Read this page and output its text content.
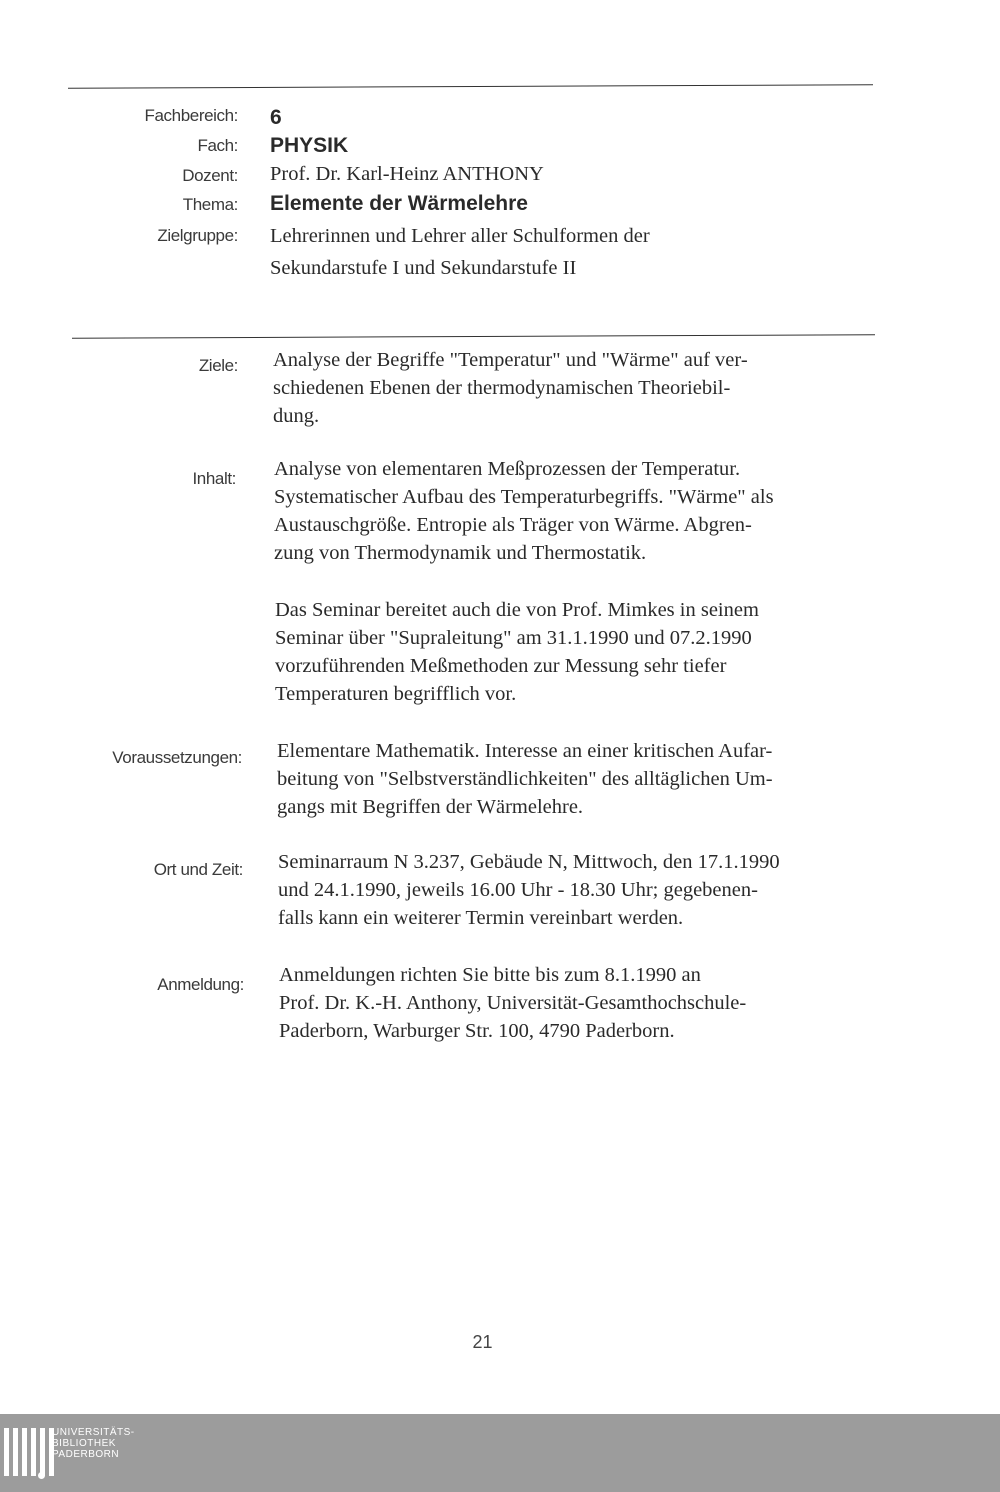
Fachbereich: 6
Fach: PHYSIK
Dozent: Prof. Dr. Karl-Heinz ANTHONY
Thema: Elemente der Wärmelehre
Zielgruppe: Lehrerinnen und Lehrer aller Schulformen der
Sekundarstufe I und Sekundarstufe II
Ziele: Analyse der Begriffe "Temperatur" und "Wärme" auf ver-
schiedenen Ebenen der thermodynamischen Theoriebil-
dung.

Inhalt: Analyse von elementaren Meßprozessen der Temperatur.
Systematischer Aufbau des Temperaturbegriffs. "Wärme" als
Austauschgröße. Entropie als Träger von Wärme. Abgren-
zung von Thermodynamik und Thermostatik.

Das Seminar bereitet auch die von Prof. Mimkes in seinem
Seminar über "Supraleitung" am 31.1.1990 und 07.2.1990
vorzuführenden Meßmethoden zur Messung sehr tiefer
Temperaturen begrifflich vor.

Voraussetzungen: Elementare Mathematik. Interesse an einer kritischen Aufar-
beitung von "Selbstverständlichkeiten" des alltäglichen Um-
gangs mit Begriffen der Wärmelehre.

Ort und Zeit: Seminarraum N 3.237, Gebäude N, Mittwoch, den 17.1.1990
und 24.1.1990, jeweils 16.00 Uhr - 18.30 Uhr; gegebenen-
falls kann ein weiterer Termin vereinbart werden.

Anmeldung: Anmeldungen richten Sie bitte bis zum 8.1.1990 an
Prof. Dr. K.-H. Anthony, Universität-Gesamthochschule-
Paderborn, Warburger Str. 100, 4790 Paderborn.

21
UNIVERSITÄTS-
BIBLIOTHEK
PADERBORN
